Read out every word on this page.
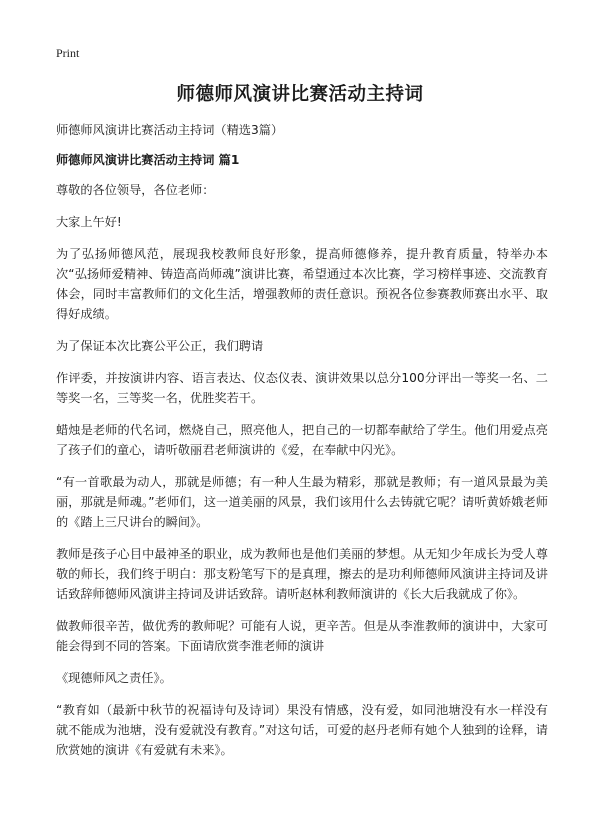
Print
师德师风演讲比赛活动主持词

师德师风演讲比赛活动主持词（精选3篇）

师德师风演讲比赛活动主持词 篇1

尊敬的各位领导，各位老师：

大家上午好!

为了弘扬师德风范，展现我校教师良好形象，提高师德修养，提升教育质量，特举办本次“弘扬师爱精神、铸造高尚师魂”演讲比赛，希望通过本次比赛，学习榜样事迹、交流教育体会，同时丰富教师们的文化生活，增强教师的责任意识。预祝各位参赛教师赛出水平、取得好成绩。

为了保证本次比赛公平公正，我们聘请

作评委，并按演讲内容、语言表达、仪态仪表、演讲效果以总分100分评出一等奖一名、二等奖一名，三等奖一名，优胜奖若干。

蜡烛是老师的代名词，燃烧自己，照亮他人，把自己的一切都奉献给了学生。他们用爱点亮了孩子们的童心，请听敬丽君老师演讲的《爱，在奉献中闪光》。

“有一首歌最为动人，那就是师德；有一种人生最为精彩，那就是教师；有一道风景最为美丽，那就是师魂。”老师们，这一道美丽的风景，我们该用什么去铸就它呢？请听黄娇娥老师的《踏上三尺讲台的瞬间》。

教师是孩子心目中最神圣的职业，成为教师也是他们美丽的梦想。从无知少年成长为受人尊敬的师长，我们终于明白：那支粉笔写下的是真理，擦去的是功利师德师风演讲主持词及讲话致辞师德师风演讲主持词及讲话致辞。请听赵林利教师演讲的《长大后我就成了你》。

做教师很辛苦，做优秀的教师呢？可能有人说，更辛苦。但是从李淮教师的演讲中，大家可能会得到不同的答案。下面请欣赏李淮老师的演讲

《现德师风之责任》。

“教育如（最新中秋节的祝福诗句及诗词）果没有情感，没有爱，如同池塘没有水一样没有就不能成为池塘，没有爱就没有教育。”对这句话，可爱的赵丹老师有她个人独到的诠释，请欣赏她的演讲《有爱就有未来》。
